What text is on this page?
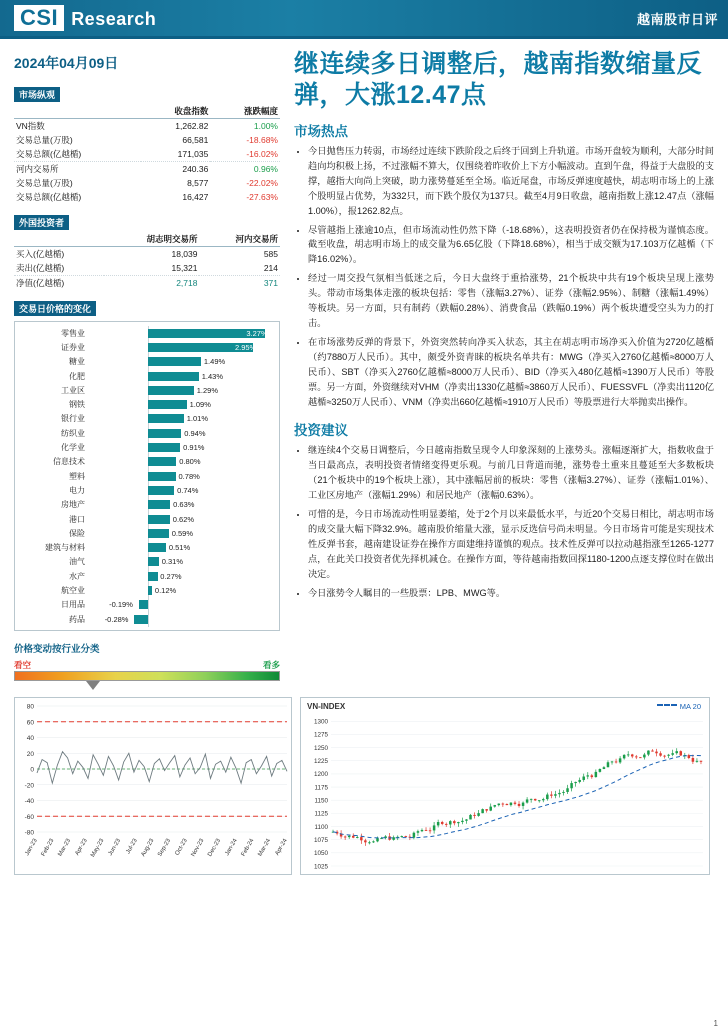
CSI Research	越南股市日评
2024年04月09日
市场纵观
	收盘指数	涨跌幅度
VN指数	1,262.82	1.00%
交易总量(万股)	66,581	-18.68%
交易总额(亿越楯)	171,035	-16.02%
河内交易所	240.36	0.96%
交易总量(万股)	8,577	-22.02%
交易总额(亿越楯)	16,427	-27.63%
外国投资者
	胡志明交易所	河内交易所
买入(亿越楯)	18,039	585
卖出(亿越楯)	15,321	214
净值(亿越楯)	2,718	371
交易日价格的变化
零售业	3.27%
证券业	2.95%
糖业	1.49%
化肥	1.43%
工业区	1.29%
钢铁	1.09%
银行业	1.01%
纺织业	0.94%
化学业	0.91%
信息技术	0.80%
塑料	0.78%
电力	0.74%
房地产	0.63%
港口	0.62%
保险	0.59%
建筑与材料	0.51%
油气	0.31%
水产	0.27%
航空业	0.12%
日用品	-0.19%
药品	-0.28%
价格变动按行业分类
看空	看多
继连续多日调整后，越南指数缩量反弹，大涨12.47点
市场热点
• 今日抛售压力转弱，市场经过连续下跌阶段之后终于回到上升轨道。市场开盘较为顺利，大部分时间趋向均积极上扬，不过涨幅不算大，仅围绕着昨收价上下方小幅波动。直到午盘，得益于大盘股的支撑，越指大向尚上突破，助力涨势蔓延至全场。临近尾盘，市场反弹速度越快，胡志明市场上的上涨个股明显占优势，为332只，而下跌个股仅为137只。截至4月9日收盘，越南指数上涨12.47点（涨幅1.00%），报1262.82点。
• 尽管越指上涨逾10点，但市场流动性仍然下降（-18.68%），这表明投资者仍在保持极为谨慎态度。截至收盘，胡志明市场上的成交量为6.65亿股（下降18.68%），相当于成交额为17.103万亿越楯（下降16.02%）。
• 经过一周交投气氛相当低迷之后，今日大盘终于重拾涨势，21个板块中共有19个板块呈现上涨势头。带动市场集体走涨的板块包括：零售（涨幅3.27%）、证券（涨幅2.95%）、制糖（涨幅1.49%）等板块。另一方面，只有制药（跌幅0.28%）、消费食品（跌幅0.19%）两个板块遭受空头为力的打击。
• 在市场涨势反弹的背景下，外资突然转向净买入状态，其主在胡志明市场净买入价值为2720亿越楯（约7880万人民币）。其中，颇受外资青睐的板块名单共有：MWG（净买入2760亿越楯≈8000万人民币）、SBT（净买入2760亿越楯≈8000万人民币）、BID（净买入480亿越楯≈1390万人民币）等股票。另一方面，外资继续对VHM（净卖出1330亿越楯≈3860万人民币）、FUESSVFL（净卖出1120亿越楯≈3250万人民币）、VNM（净卖出660亿越楯≈1910万人民币）等股票进行大举抛卖出操作。
投资建议
• 继连续4个交易日调整后，今日越南指数呈现令人印象深刻的上涨势头。涨幅逐渐扩大，指数收盘于当日最高点，表明投资者情绪变得更乐观。与前几日背道而驰，涨势卷土重来且蔓延至大多数板块（21个板块中的19个板块上涨），其中涨幅居前的板块：零售（涨幅3.27%）、证券（涨幅1.01%）、工业区房地产（涨幅1.29%）和居民地产（涨幅0.63%）。
• 可惜的是，今日市场流动性明显萎缩，处于2个月以来最低水平，与近20个交易日相比，胡志明市场的成交量大幅下降32.9%。越南股价缩量大涨，显示反选信号尚未明显。今日市场肯可能是实现技术性反弹书套，越南建设证券在操作方面建维持谨慎的观点。技术性反弹可以拉动越指涨至1265-1277点，在此关口投资者优先择机减仓。在操作方面，等待越南指数回探1180-1200点逐支撑位时在做出决定。
• 今日涨势令人瞩目的一些股票：LPB、MWG等。
80
60
40
20
0
-20
-40
-60
-80
Jan-23 Feb-23 Mar-23 Apr-23 May-23 Jun-23 Jul-23 Aug-23 Sep-23 Oct-23 Nov-23 Dec-23 Jan-24 Feb-24 Mar-24 Apr-24
VN-INDEX	MA 20
1300
1275
1250
1225
1200
1175
1150
1125
1100
1075
1050
1025
1
